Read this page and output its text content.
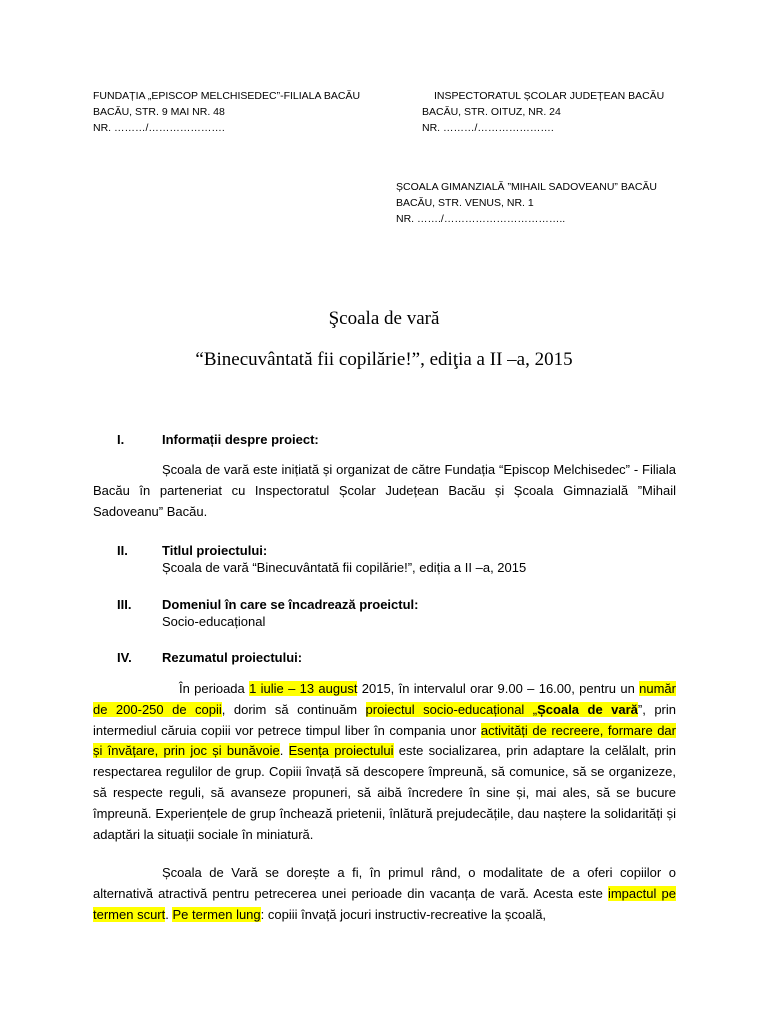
FUNDAȚIA „EPISCOP MELCHISEDEC”-FILIALA BACĂU
BACĂU, STR. 9 MAI NR. 48
NR. ………/………………….
INSPECTORATUL ȘCOLAR JUDEȚEAN BACĂU
BACĂU, STR. OITUZ, NR. 24
NR. ………/………………….
ȘCOALA GIMANZIALĂ ”MIHAIL SADOVEANU” BACĂU
BACĂU, STR. VENUS, NR. 1
NR. ……./……………………………..
Şcoala de vară
“Binecuvântată fii copilărie!”, ediţia a II –a, 2015
I.	Informații despre proiect:
Școala de vară este inițiată și organizat de către Fundația “Episcop Melchisedec” - Filiala Bacău în parteneriat cu Inspectoratul Școlar Județean Bacău și Școala Gimnazială ”Mihail Sadoveanu” Bacău.
II.	Titlul proiectului:
Școala de vară “Binecuvântată fii copilărie!”, ediția a II –a, 2015
III. Domeniul în care se încadrează proeictul:
Socio-educațional
IV. Rezumatul proiectului:
În perioada 1 iulie – 13 august 2015, în intervalul orar 9.00 – 16.00, pentru un număr de 200-250 de copii, dorim să continuăm proiectul socio-educațional „Școala de vară”, prin intermediul căruia copiii vor petrece timpul liber în compania unor activități de recreere, formare dar și învățare, prin joc și bunăvoie. Esența proiectului este socializarea, prin adaptare la celălalt, prin respectarea regulilor de grup. Copiii învață să descopere împreună, să comunice, să se organizeze, să respecte reguli, să avanseze propuneri, să aibă încredere în sine și, mai ales, să se bucure împreună. Experiențele de grup închează prietenii, înlătură prejudecățile, dau naștere la solidarități și adaptări la situații sociale în miniatură.
Școala de Vară se dorește a fi, în primul rând, o modalitate de a oferi copiilor o alternativă atractivă pentru petrecerea unei perioade din vacanța de vară. Acesta este impactul pe termen scurt. Pe termen lung: copiii învață jocuri instructiv-recreative la școală,
